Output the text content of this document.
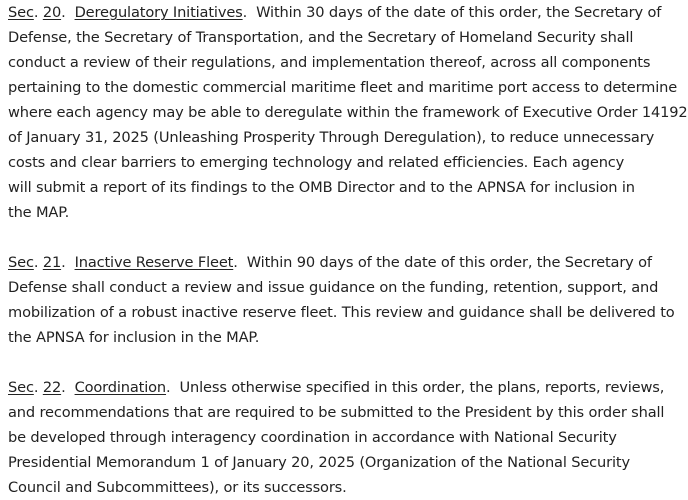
Sec. 20.  Deregulatory Initiatives.  Within 30 days of the date of this order, the Secretary of
Defense, the Secretary of Transportation, and the Secretary of Homeland Security shall
conduct a review of their regulations, and implementation thereof, across all components
pertaining to the domestic commercial maritime fleet and maritime port access to determine
where each agency may be able to deregulate within the framework of Executive Order 14192
of January 31, 2025 (Unleashing Prosperity Through Deregulation), to reduce unnecessary
costs and clear barriers to emerging technology and related efficiencies. Each agency
will submit a report of its findings to the OMB Director and to the APNSA for inclusion in
the MAP.

Sec. 21.  Inactive Reserve Fleet.  Within 90 days of the date of this order, the Secretary of
Defense shall conduct a review and issue guidance on the funding, retention, support, and
mobilization of a robust inactive reserve fleet. This review and guidance shall be delivered to
the APNSA for inclusion in the MAP.

Sec. 22.  Coordination.  Unless otherwise specified in this order, the plans, reports, reviews,
and recommendations that are required to be submitted to the President by this order shall
be developed through interagency coordination in accordance with National Security
Presidential Memorandum 1 of January 20, 2025 (Organization of the National Security
Council and Subcommittees), or its successors.
